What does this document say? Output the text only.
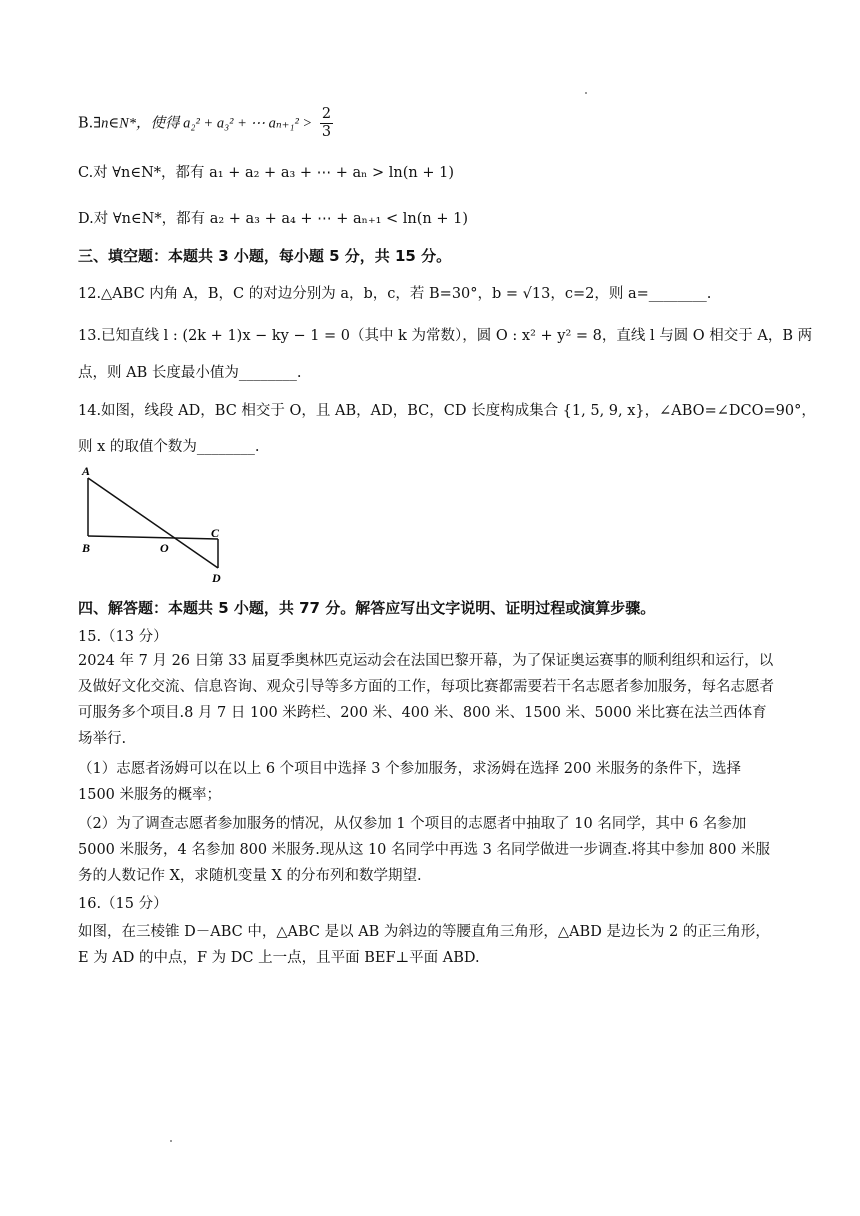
B.∃n∈N*，使得 a₂² + a₃² + ⋯ $a_{n+1}^2 > \frac{2}{3}$
C.对 ∀n∈N*，都有 a₁ + a₂ + a₃ + ⋯ + aₙ > ln(n + 1)
D.对 ∀n∈N*，都有 a₂ + a₃ + a₄ + ⋯ + aₙ₊₁ < ln(n + 1)
三、填空题：本题共 3 小题，每小题 5 分，共 15 分。
12.△ABC 内角 A，B，C 的对边分别为 a，b，c，若 B=30°，b = √13，c=2，则 a=________.
13.已知直线 l : (2k + 1)x − ky − 1 = 0（其中 k 为常数），圆 O : x² + y² = 8，直线 l 与圆 O 相交于 A，B 两
点，则 AB 长度最小值为________.
14.如图，线段 AD，BC 相交于 O，且 AB，AD，BC，CD 长度构成集合 {1, 5, 9, x}，∠ABO=∠DCO=90°，
则 x 的取值个数为________.
A
B	O
C
D
四、解答题：本题共 5 小题，共 77 分。解答应写出文字说明、证明过程或演算步骤。
15.（13 分）
2024 年 7 月 26 日第 33 届夏季奥林匹克运动会在法国巴黎开幕，为了保证奥运赛事的顺利组织和运行，以及做好文化交流、信息咨询、观众引导等多方面的工作，每项比赛都需要若干名志愿者参加服务，每名志愿者可服务多个项目.8 月 7 日 100 米跨栏、200 米、400 米、800 米、1500 米、5000 米比赛在法兰西体育场举行.
（1）志愿者汤姆可以在以上 6 个项目中选择 3 个参加服务，求汤姆在选择 200 米服务的条件下，选择 1500 米服务的概率；
（2）为了调查志愿者参加服务的情况，从仅参加 1 个项目的志愿者中抽取了 10 名同学，其中 6 名参加 5000 米服务，4 名参加 800 米服务.现从这 10 名同学中再选 3 名同学做进一步调查.将其中参加 800 米服务的人数记作 X，求随机变量 X 的分布列和数学期望.
16.（15 分）
如图，在三棱锥 D－ABC 中，△ABC 是以 AB 为斜边的等腰直角三角形，△ABD 是边长为 2 的正三角形，E 为 AD 的中点，F 为 DC 上一点，且平面 BEF⊥平面 ABD.
